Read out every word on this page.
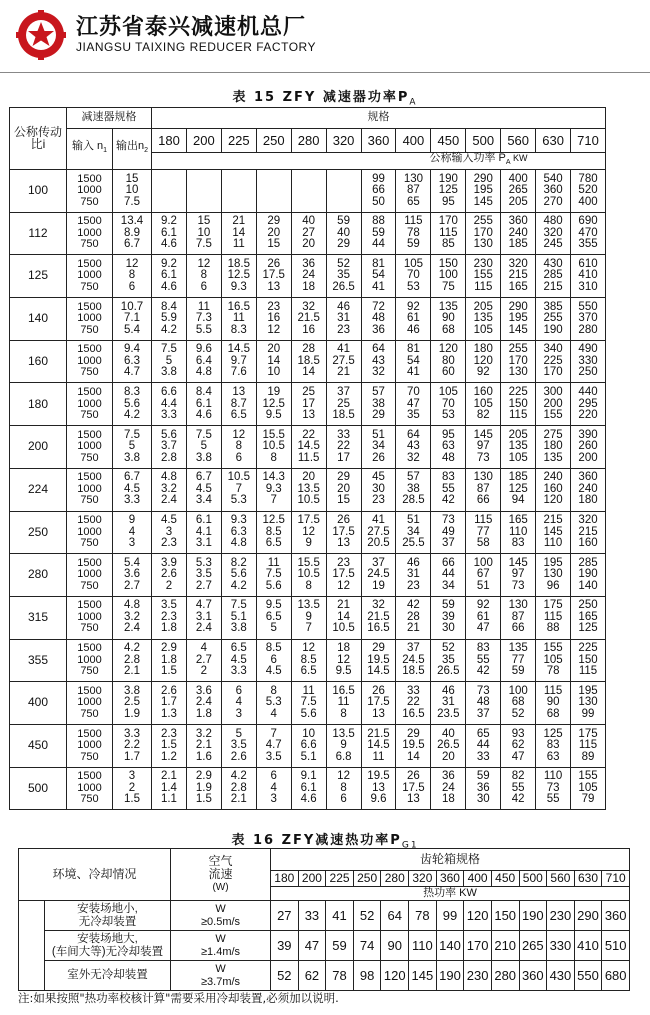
江苏省泰兴减速机总厂
JIANGSU TAIXING REDUCER FACTORY
表 15 ZFY 减速器功率$P_A$
公称传动比i	减速器规格		规格												
	输入 $n_1$	输出$n_2$	180	200	225	250	280	320	360	400	450	500	560	630	710
			公称输入功率 $P_A$ KW												
100	1500
1000
750	15
10
7.5							99
66
50	130
87
65	190
125
95	290
195
145	400
265
205	540
360
270	780
520
400
112	1500
1000
750	13.4
8.9
6.7	9.2
6.1
4.6	15
10
7.5	21
14
11	29
20
15	40
27
20	59
40
29	88
59
44	115
78
59	170
115
85	255
170
130	360
240
185	480
320
245	690
470
355
125	1500
1000
750	12
8
6	9.2
6.1
4.6	12
8
6	18.5
12.5
9.3	26
17.5
13	36
24
18	52
35
26.5	81
54
41	105
70
53	150
100
75	230
155
115	320
215
165	430
285
215	610
410
310
140	1500
1000
750	10.7
7.1
5.4	8.4
5.9
4.2	11
7.3
5.5	16.5
11
8.3	23
16
12	32
21.5
16	46
31
23	72
48
36	92
61
46	135
90
68	205
135
105	290
195
145	385
255
190	550
370
280
160	1500
1000
750	9.4
6.3
4.7	7.5
5
3.8	9.6
6.4
4.8	14.5
9.7
7.6	20
14
10	28
18.5
14	41
27.5
21	64
43
32	81
54
41	120
80
60	180
120
92	255
170
130	340
225
170	490
330
250
180	1500
1000
750	8.3
5.6
4.2	6.6
4.4
3.3	8.4
6.1
4.6	13
8.7
6.5	19
12.5
9.5	25
17
13	37
25
18.5	57
38
29	70
47
35	105
70
53	160
105
82	225
150
115	300
200
155	440
295
220
200	1500
1000
750	7.5
5
3.8	5.6
3.7
2.8	7.5
5
3.8	12
8
6	15.5
10.5
8	22
14.5
11.5	33
22
17	51
34
26	64
43
32	95
63
48	145
97
73	205
135
105	275
180
135	390
260
200
224	1500
1000
750	6.7
4.5
3.3	4.8
3.2
2.4	6.7
4.5
3.4	10.5
7
5.3	14.3
9.3
7	20
13.5
10.5	29
20
15	45
30
23	57
38
28.5	83
55
42	130
87
66	185
125
94	240
160
120	360
240
180
250	1500
1000
750	9
4
3	4.5
3
2.3	6.1
4.1
3.1	9.3
6.3
4.8	12.5
8.5
6.5	17.5
12
9	26
17.5
13	41
27.5
20.5	51
34
25.5	73
49
37	115
77
58	165
110
83	215
145
110	320
215
160
280	1500
1000
750	5.4
3.6
2.7	3.9
2.6
2	5.3
3.5
2.7	8.2
5.6
4.2	11
7.5
5.6	15.5
10.5
8	23
17.5
12	37
24.5
19	46
31
23	66
44
34	100
67
51	145
97
73	195
130
96	285
190
140
315	1500
1000
750	4.8
3.2
2.4	3.5
2.3
1.8	4.7
3.1
2.4	7.5
5.1
3.8	9.5
6.5
5	13.5
9
7	21
14
10.5	32
21.5
16.5	42
28
21	59
39
30	92
61
47	130
87
66	175
115
88	250
165
125
355	1500
1000
750	4.2
2.8
2.1	2.9
1.8
1.5	4
2.7
2	6.5
4.5
3.3	8.5
6
4.5	12
8.5
6.5	18
12
9.5	29
19.5
14.5	37
24.5
18.5	52
35
26.5	83
55
42	135
77
59	155
105
78	225
150
115
400	1500
1000
750	3.8
2.5
1.9	2.6
1.7
1.3	3.6
2.4
1.8	6
4
3	8
5.3
4	11
7.5
5.6	16.5
11
8	26
17.5
13	33
22
16.5	46
31
23.5	73
48
37	100
68
52	115
90
68	195
130
99
450	1500
1000
750	3.3
2.2
1.7	2.3
1.5
1.2	3.2
2.1
1.6	5
3.5
2.6	7
4.7
3.5	10
6.6
5.1	13.5
9
6.8	21.5
14.5
11	29
19.5
14	40
26.5
20	65
44
33	93
62
47	125
83
63	175
115
89
500	1500
1000
750	3
2
1.5	2.1
1.4
1.1	2.9
1.9
1.5	4.2
2.8
2.1	6
4
3	9.1
6.1
4.6	12
8
6	19.5
13
9.6	26
17.5
13	36
24
18	59
36
30	82
55
42	110
73
55	155
105
79
表 16 ZFY减速热功率$P_{G1}$
环境、冷却情况		空气
流速
(W)	齿轮箱规格												
			180	200	225	250	280	320	360	400	450	500	560	630	710
			热功率 KW												
	安装场地小,
无冷却装置	W
≥0.5m/s	27	33	41	52	64	78	99	120	150	190	230	290	360
	安装场地大,
(车间大等)无冷却装置	W
≥1.4m/s	39	47	59	74	90	110	140	170	210	265	330	410	510
	室外无冷却装置	W
≥3.7m/s	52	62	78	98	120	145	190	230	280	360	430	550	680
注:如果按照"热功率校核计算"需要采用冷却装置,必须加以说明.
